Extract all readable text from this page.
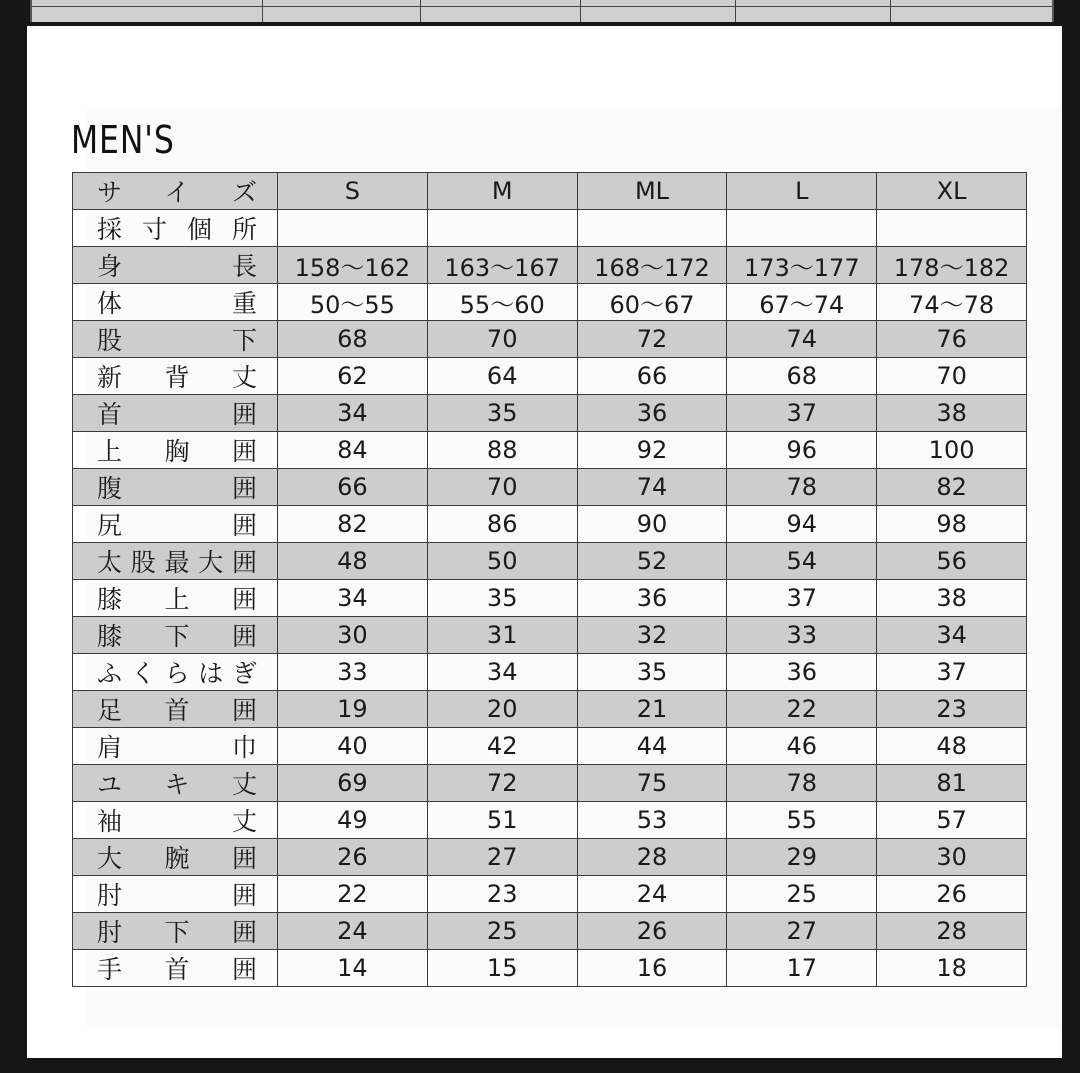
MEN'S
サ イ ズ	S	M	ML	L	XL
採寸個所					
身 長	158～162	163～167	168～172	173～177	178～182
体 重	50～55	55～60	60～67	67～74	74～78
股 下	68	70	72	74	76
新 背 丈	62	64	66	68	70
首 囲	34	35	36	37	38
上 胸 囲	84	88	92	96	100
腹 囲	66	70	74	78	82
尻 囲	82	86	90	94	98
太股最大囲	48	50	52	54	56
膝 上 囲	34	35	36	37	38
膝 下 囲	30	31	32	33	34
ふくらはぎ	33	34	35	36	37
足 首 囲	19	20	21	22	23
肩 巾	40	42	44	46	48
ユ キ 丈	69	72	75	78	81
袖 丈	49	51	53	55	57
大 腕 囲	26	27	28	29	30
肘 囲	22	23	24	25	26
肘 下 囲	24	25	26	27	28
手 首 囲	14	15	16	17	18
